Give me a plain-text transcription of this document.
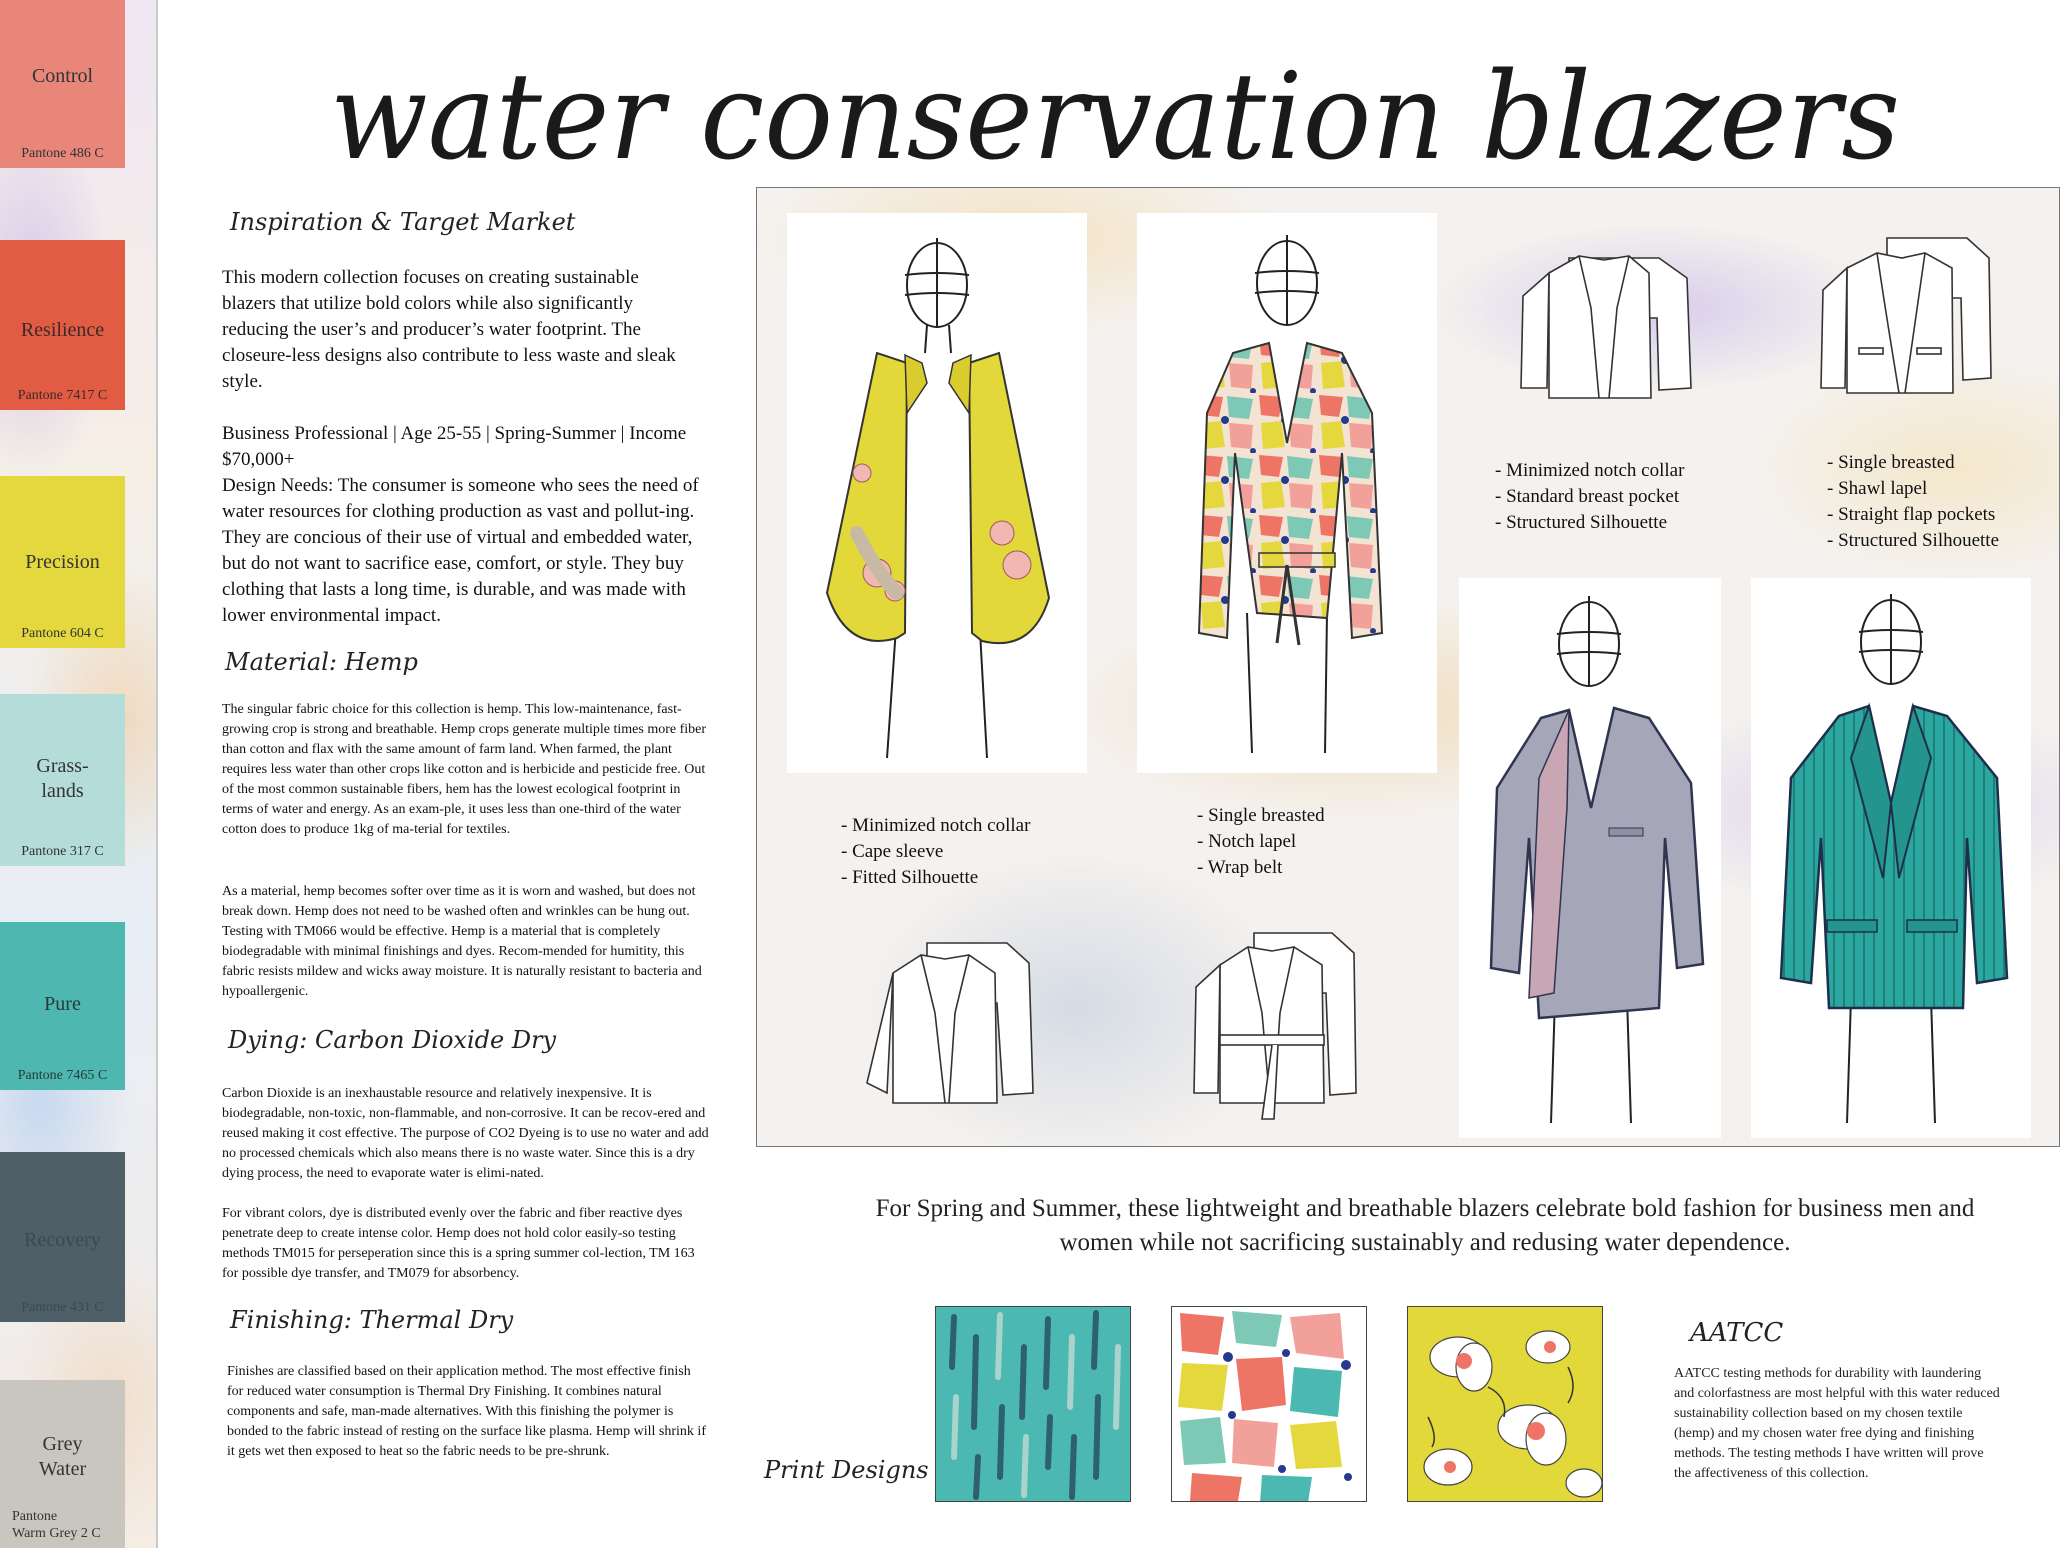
Control
Pantone 486 C
Resilience
Pantone 7417 C
Precision
Pantone 604 C
Grass-
lands
Pantone 317 C
Pure
Pantone 7465 C
Recovery
Pantone 431 C
Grey
Water
Pantone
Warm Grey 2 C
water conservation blazers
Inspiration & Target Market
This modern collection focuses on creating sustainable blazers that utilize bold colors while also significantly reducing the user’s and producer’s water footprint. The closeure-less designs also contribute to less waste and sleak style.
Business Professional | Age 25-55 | Spring-Summer | Income $70,000+
Design Needs: The consumer is someone who sees the need of water resources for clothing production as vast and pollut-ing. They are concious of their use of virtual and embedded water, but do not want to sacrifice ease, comfort, or style. They buy clothing that lasts a long time, is durable, and was made with lower environmental impact.
Material: Hemp
The singular fabric choice for this collection is hemp. This low-maintenance, fast-growing crop is strong and breathable. Hemp crops generate multiple times more fiber than cotton and flax with the same amount of farm land. When farmed, the plant requires less water than other crops like cotton and is herbicide and pesticide free. Out of the most common sustainable fibers, hem has the lowest ecological footprint in terms of water and energy. As an exam-ple, it uses less than one-third of the water cotton does to produce 1kg of ma-terial for textiles.
As a material, hemp becomes softer over time as it is worn and washed, but does not break down. Hemp does not need to be washed often and wrinkles can be hung out. Testing with TM066 would be effective. Hemp is a material that is completely biodegradable with minimal finishings and dyes. Recom-mended for humitity, this fabric resists mildew and wicks away moisture. It is naturally resistant to bacteria and hypoallergenic.
Dying: Carbon Dioxide Dry
Carbon Dioxide is an inexhaustable resource and relatively inexpensive. It is biodegradable, non-toxic, non-flammable, and non-corrosive. It can be recov-ered and reused making it cost effective. The purpose of CO2 Dyeing is to use no water and add no processed chemicals which also means there is no waste water. Since this is a dry dying process, the need to evaporate water is elimi-nated.
For vibrant colors, dye is distributed evenly over the fabric and fiber reactive dyes penetrate deep to create intense color. Hemp does not hold color easily-so testing methods TM015 for perseperation since this is a spring summer col-lection, TM 163 for possible dye transfer, and TM079 for absorbency.
Finishing: Thermal Dry
Finishes are classified based on their application method. The most effective finish for reduced water consumption is Thermal Dry Finishing. It combines natural components and safe, man-made alternatives. With this finishing the polymer is bonded to the fabric instead of resting on the surface like plasma. Hemp will shrink if it gets wet then exposed to heat so the fabric needs to be pre-shrunk.
- Minimized notch collar
- Cape sleeve
- Fitted Silhouette
- Single breasted
- Notch lapel
- Wrap belt
- Minimized notch collar
- Standard breast pocket
- Structured Silhouette
- Single breasted
- Shawl lapel
- Straight flap pockets
- Structured Silhouette
For Spring and Summer, these lightweight and breathable blazers celebrate bold fashion for business men and women while not sacrificing sustainably and redusing water dependence.
Print Designs
AATCC
AATCC testing methods for durability with laundering and colorfastness are most helpful with this water reduced sustainability collection based on my chosen textile (hemp) and my chosen water free dying and finishing methods. The testing methods I have written will prove the affectiveness of this collection.
